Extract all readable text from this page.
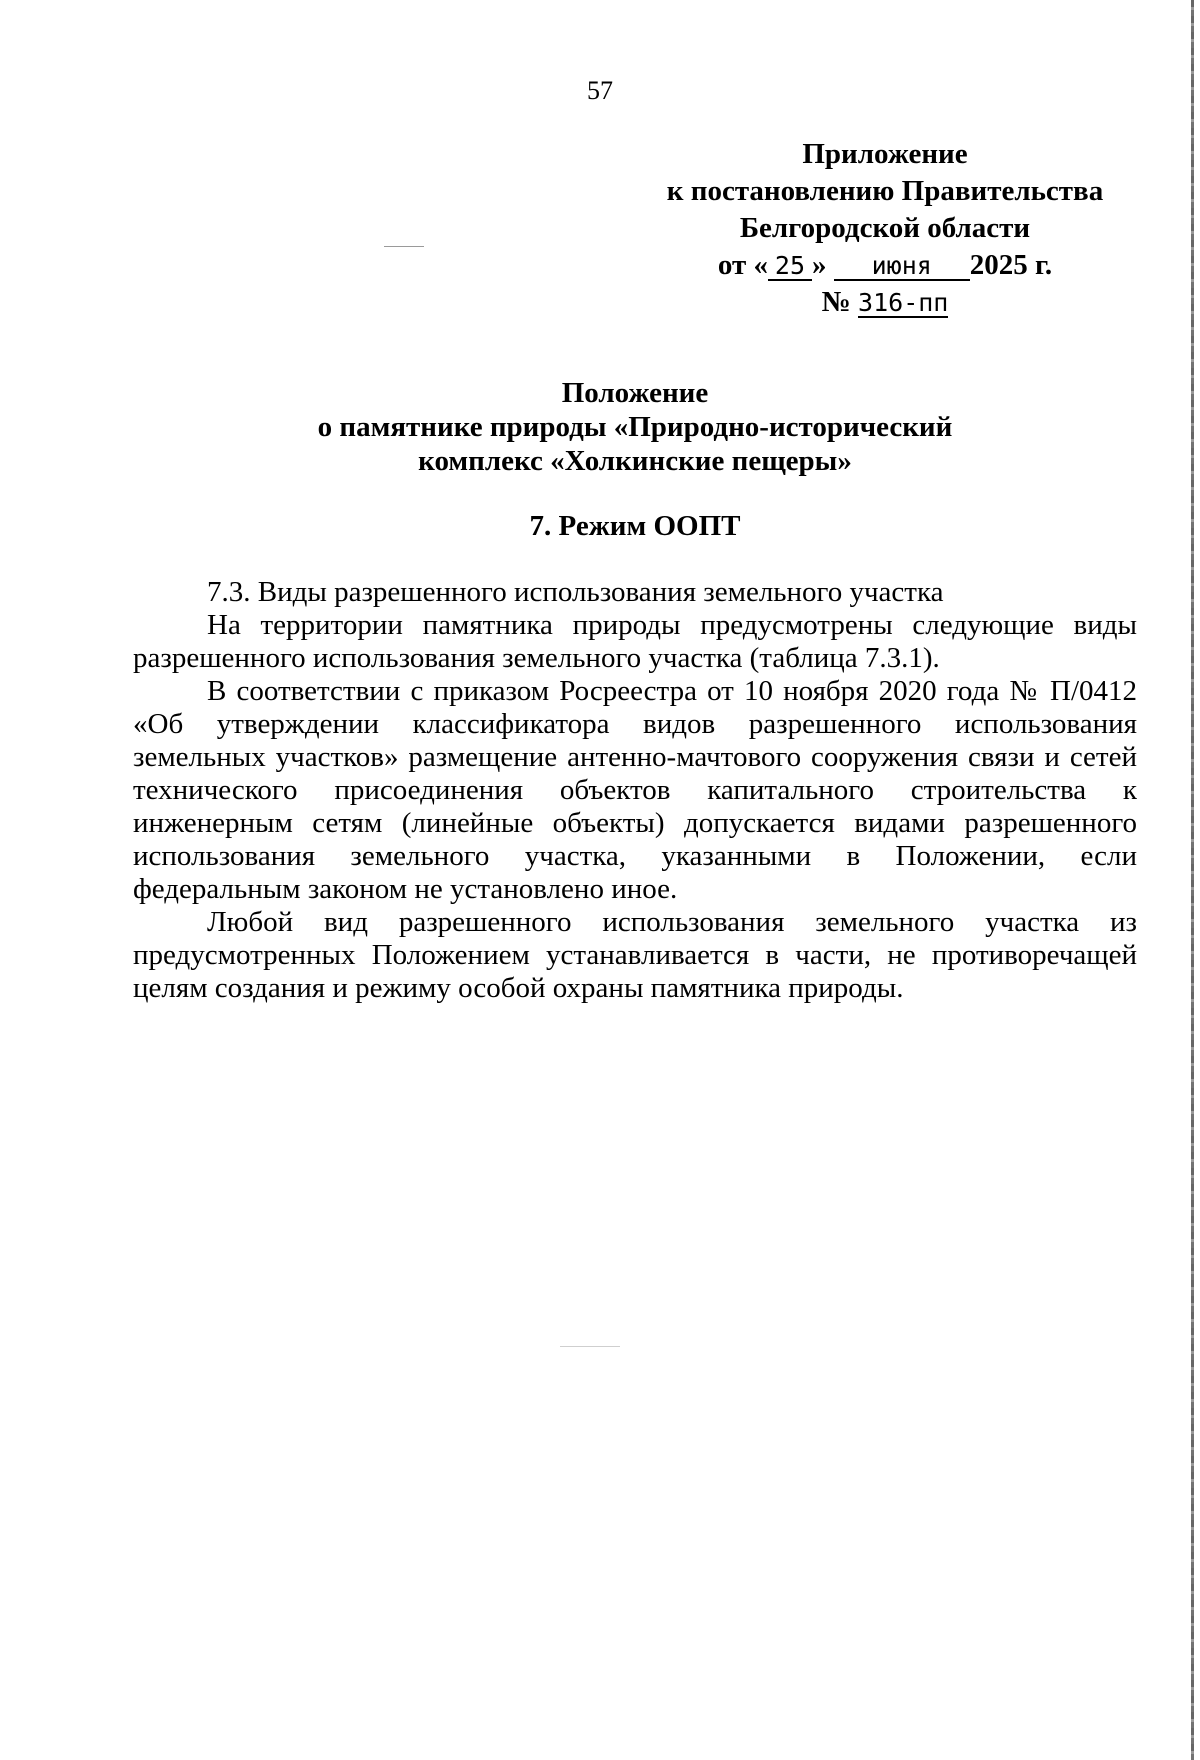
57
Приложение
к постановлению Правительства
Белгородской области
от « 25 » июня 2025 г.
№ 316-пп
Положение
о памятнике природы «Природно-исторический
комплекс «Холкинские пещеры»
7. Режим ООПТ

7.3. Виды разрешенного использования земельного участка

На территории памятника природы предусмотрены следующие виды разрешенного использования земельного участка (таблица 7.3.1).

В соответствии с приказом Росреестра от 10 ноября 2020 года № П/0412 «Об утверждении классификатора видов разрешенного использования земельных участков» размещение антенно-мачтового сооружения связи и сетей технического присоединения объектов капитального строительства к инженерным сетям (линейные объекты) допускается видами разрешенного использования земельного участка, указанными в Положении, если федеральным законом не установлено иное.

Любой вид разрешенного использования земельного участка из предусмотренных Положением устанавливается в части, не противоречащей целям создания и режиму особой охраны памятника природы.
